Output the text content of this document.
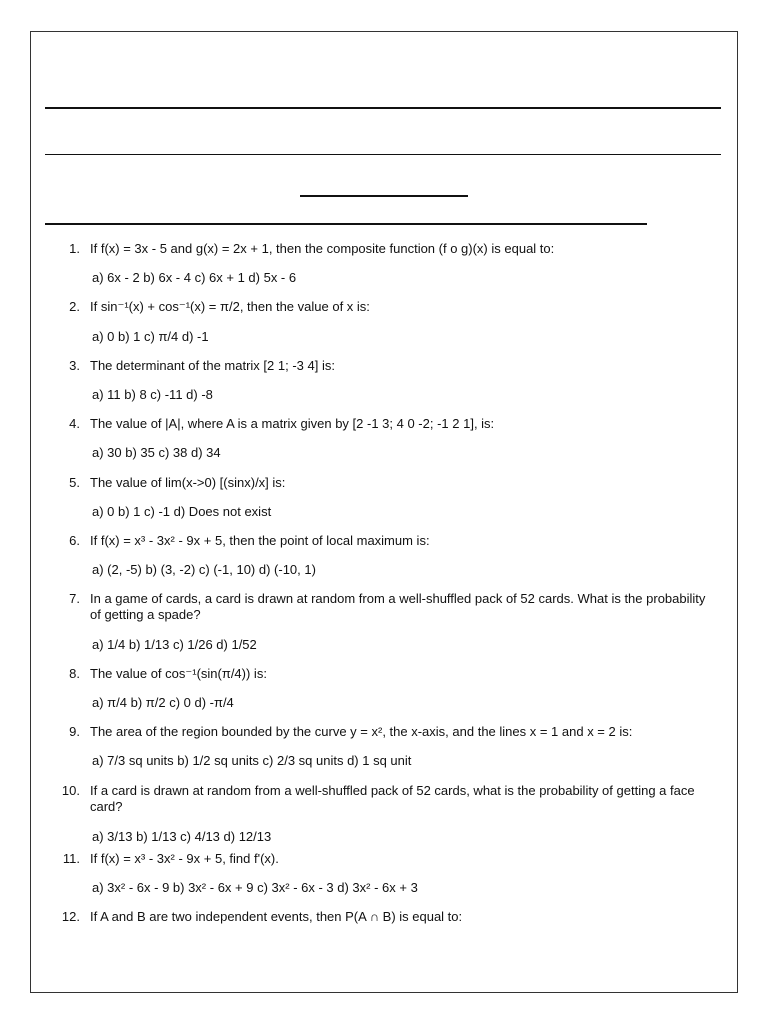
1. If f(x) = 3x - 5 and g(x) = 2x + 1, then the composite function (f o g)(x) is equal to:
a) 6x - 2 b) 6x - 4 c) 6x + 1 d) 5x - 6
2. If sin⁻¹(x) + cos⁻¹(x) = π/2, then the value of x is:
a) 0 b) 1 c) π/4 d) -1
3. The determinant of the matrix [2 1; -3 4] is:
a) 11 b) 8 c) -11 d) -8
4. The value of |A|, where A is a matrix given by [2 -1 3; 4 0 -2; -1 2 1], is:
a) 30 b) 35 c) 38 d) 34
5. The value of lim(x->0) [(sinx)/x] is:
a) 0 b) 1 c) -1 d) Does not exist
6. If f(x) = x³ - 3x² - 9x + 5, then the point of local maximum is:
a) (2, -5) b) (3, -2) c) (-1, 10) d) (-10, 1)
7. In a game of cards, a card is drawn at random from a well-shuffled pack of 52 cards. What is the probability of getting a spade?
a) 1/4 b) 1/13 c) 1/26 d) 1/52
8. The value of cos⁻¹(sin(π/4)) is:
a) π/4 b) π/2 c) 0 d) -π/4
9. The area of the region bounded by the curve y = x², the x-axis, and the lines x = 1 and x = 2 is:
a) 7/3 sq units b) 1/2 sq units c) 2/3 sq units d) 1 sq unit
10. If a card is drawn at random from a well-shuffled pack of 52 cards, what is the probability of getting a face card?
a) 3/13 b) 1/13 c) 4/13 d) 12/13
11. If f(x) = x³ - 3x² - 9x + 5, find f'(x).
a) 3x² - 6x - 9 b) 3x² - 6x + 9 c) 3x² - 6x - 3 d) 3x² - 6x + 3
12. If A and B are two independent events, then P(A ∩ B) is equal to:
